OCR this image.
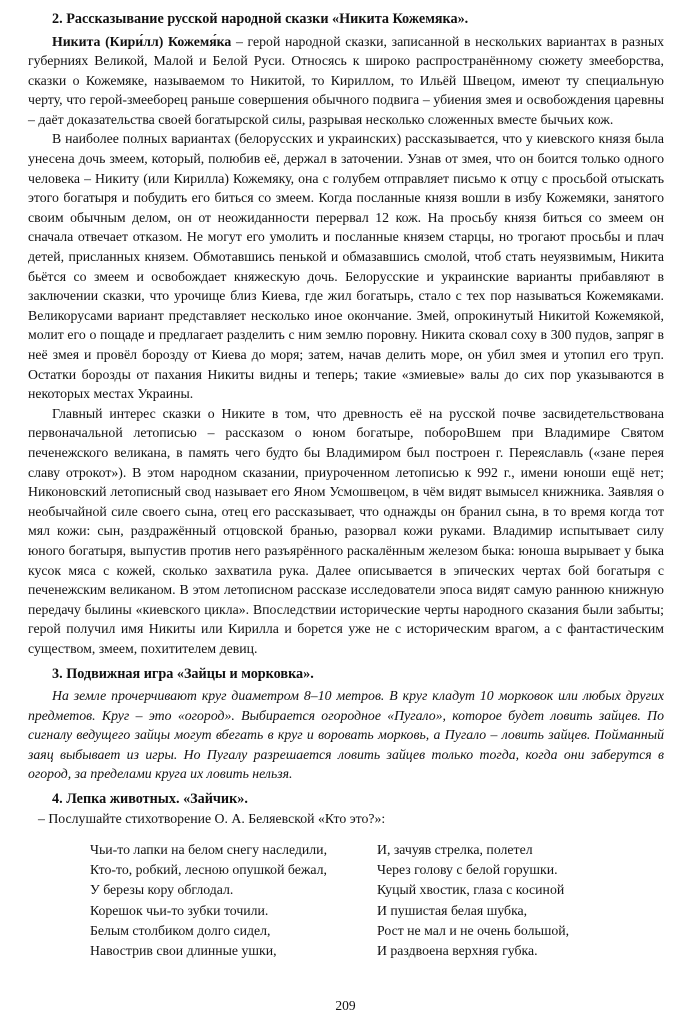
2. Рассказывание русской народной сказки «Никита Кожемяка».

Никита (Кири́лл) Кожемя́ка – герой народной сказки, записанной в нескольких вариантах в разных губерниях Великой, Малой и Белой Руси. Относясь к широко распространённому сюжету змееборства, сказки о Кожемяке, называемом то Никитой, то Кириллом, то Ильёй Швецом, имеют ту специальную черту, что герой-змееборец раньше совершения обычного подвига – убиения змея и освобождения царевны – даёт доказательства своей богатырской силы, разрывая несколько сложенных вместе бычьих кож.

В наиболее полных вариантах (белорусских и украинских) рассказывается, что у киевского князя была унесена дочь змеем, который, полюбив её, держал в заточении. Узнав от змея, что он боится только одного человека – Никиту (или Кирилла) Кожемяку, она с голубем отправляет письмо к отцу с просьбой отыскать этого богатыря и побудить его биться со змеем. Когда посланные князя вошли в избу Кожемяки, занятого своим обычным делом, он от неожиданности перервал 12 кож. На просьбу князя биться со змеем он сначала отвечает отказом. Не могут его умолить и посланные князем старцы, но трогают просьбы и плач детей, присланных князем. Обмотавшись пенькой и обмазавшись смолой, чтоб стать неуязвимым, Никита бьётся со змеем и освобождает княжескую дочь. Белорусские и украинские варианты прибавляют в заключении сказки, что урочище близ Киева, где жил богатырь, стало с тех пор называться Кожемяками. Великорусами вариант представляет несколько иное окончание. Змей, опрокинутый Никитой Кожемякой, молит его о пощаде и предлагает разделить с ним землю поровну. Никита сковал соху в 300 пудов, запряг в неё змея и провёл борозду от Киева до моря; затем, начав делить море, он убил змея и утопил его труп. Остатки борозды от пахания Никиты видны и теперь; такие «змиевые» валы до сих пор указываются в некоторых местах Украины.

Главный интерес сказки о Никите в том, что древность её на русской почве засвидетельствована первоначальной летописью – рассказом о юном богатыре, побороВшем при Владимире Святом печенежского великана, в память чего будто бы Владимиром был построен г. Переяславль («зане перея славу отрокот»). В этом народном сказании, приуроченном летописью к 992 г., имени юноши ещё нет; Никоновский летописный свод называет его Яном Усмошвецом, в чём видят вымысел книжника. Заявляя о необычайной силе своего сына, отец его рассказывает, что однажды он бранил сына, в то время когда тот мял кожи: сын, раздражённый отцовской бранью, разорвал кожи руками. Владимир испытывает силу юного богатыря, выпустив против него разъярённого раскалённым железом быка: юноша вырывает у быка кусок мяса с кожей, сколько захватила рука. Далее описывается в эпических чертах бой богатыря с печенежским великаном. В этом летописном рассказе исследователи эпоса видят самую раннюю книжную передачу былины «киевского цикла». Впоследствии исторические черты народного сказания были забыты; герой получил имя Никиты или Кирилла и борется уже не с историческим врагом, а с фантастическим существом, змеем, похитителем девиц.

3. Подвижная игра «Зайцы и морковка».

На земле прочерчивают круг диаметром 8–10 метров. В круг кладут 10 морковок или любых других предметов. Круг – это «огород». Выбирается огородное «Пугало», которое будет ловить зайцев. По сигналу ведущего зайцы могут вбегать в круг и воровать морковь, а Пугало – ловить зайцев. Пойманный заяц выбывает из игры. Но Пугалу разрешается ловить зайцев только тогда, когда они заберутся в огород, за пределами круга их ловить нельзя.

4. Лепка животных. «Зайчик».

– Послушайте стихотворение О. А. Беляевской «Кто это?»:

Чьи-то лапки на белом снегу наследили,
Кто-то, робкий, лесною опушкой бежал,
У березы кору обглодал.
Корешок чьи-то зубки точили.
Белым столбиком долго сидел,
Навострив свои длинные ушки,
И, зачуяв стрелка, полетел
Через голову с белой горушки.
Куцый хвостик, глаза с косиной
И пушистая белая шубка,
Рост не мал и не очень большой,
И раздвоена верхняя губка.
209
